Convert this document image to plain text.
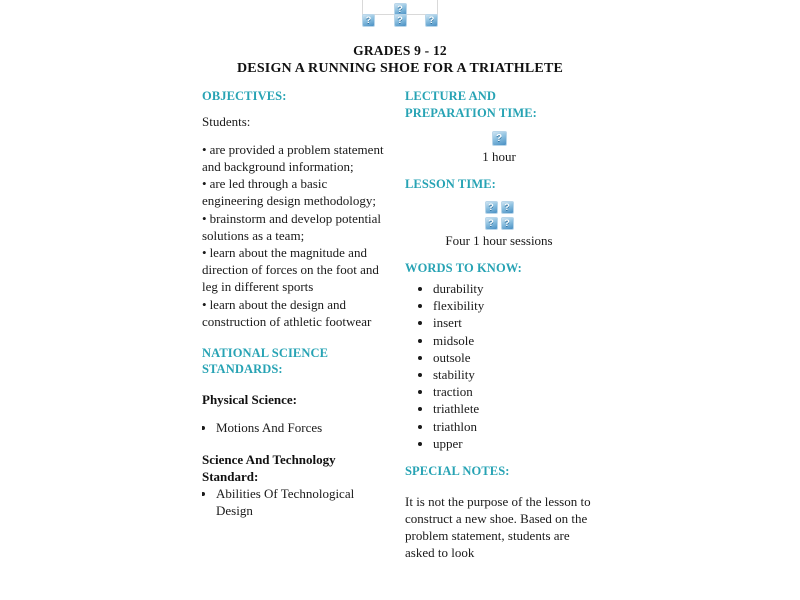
?
?
?
?
GRADES 9 - 12
DESIGN A RUNNING SHOE FOR A TRIATHLETE
OBJECTIVES:

Students:

• are provided a problem statement and background information;

• are led through a basic engineering design methodology;

• brainstorm and develop potential solutions as a team;

• learn about the magnitude and direction of forces on the foot and leg in different sports

• learn about the design and construction of athletic footwear

NATIONAL SCIENCE
STANDARDS:
Physical Science:
• Motions And Forces
Science And Technology Standard:
• Abilities Of Technological Design
LECTURE AND
PREPARATION TIME:
?
1 hour
LESSON TIME:
?
?
?
?
Four 1 hour sessions
WORDS TO KNOW:
• durability
• flexibility
• insert
• midsole
• outsole
• stability
• traction
• triathlete
• triathlon
• upper
SPECIAL NOTES:

It is not the purpose of the lesson to construct a new shoe. Based on the problem statement, students are asked to look
